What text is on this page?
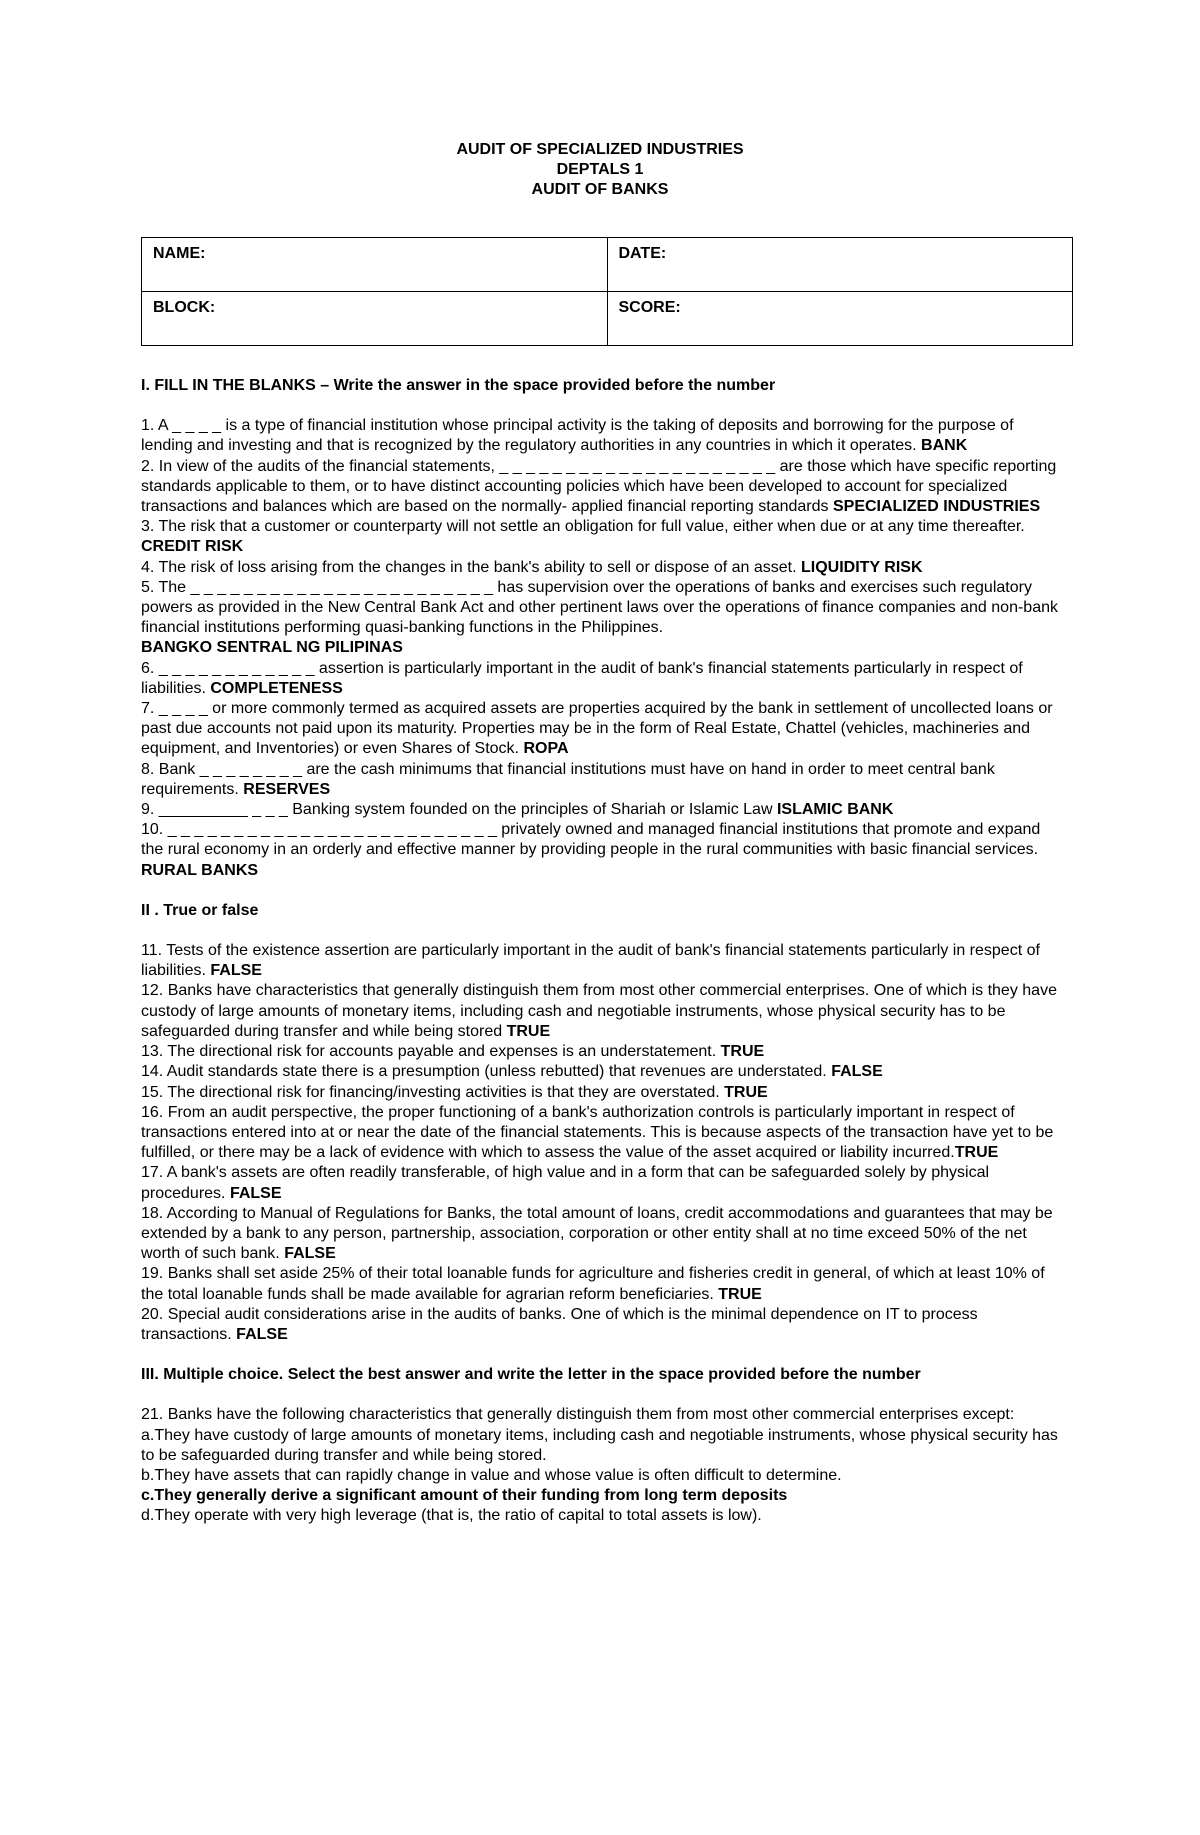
AUDIT OF SPECIALIZED INDUSTRIES
DEPTALS 1
AUDIT OF BANKS
NAME:	DATE:
BLOCK:	SCORE:
I. FILL IN THE BLANKS – Write the answer in the space provided before the number

1. A _ _ _ _ is a type of financial institution whose principal activity is the taking of deposits and borrowing for the purpose of lending and investing and that is recognized by the regulatory authorities in any countries in which it operates. BANK

2. In view of the audits of the financial statements, _ _ _ _ _ _ _ _ _ _ _ _ _ _ _ _ _ _ _ _ _ are those which have specific reporting standards applicable to them, or to have distinct accounting policies which have been developed to account for specialized transactions and balances which are based on the normally- applied financial reporting standards SPECIALIZED INDUSTRIES

3. The risk that a customer or counterparty will not settle an obligation for full value, either when due or at any time thereafter. CREDIT RISK

4. The risk of loss arising from the changes in the bank's ability to sell or dispose of an asset. LIQUIDITY RISK

5. The _ _ _ _ _ _ _ _ _ _ _ _ _ _ _ _ _ _ _ _ _ _ _ has supervision over the operations of banks and exercises such regulatory powers as provided in the New Central Bank Act and other pertinent laws over the operations of finance companies and non-bank financial institutions performing quasi-banking functions in the Philippines.
BANGKO SENTRAL NG PILIPINAS

6. _ _ _ _ _ _ _ _ _ _ _ _ assertion is particularly important in the audit of bank's financial statements particularly in respect of liabilities. COMPLETENESS

7. _ _ _ _ or more commonly termed as acquired assets are properties acquired by the bank in settlement of uncollected loans or past due accounts not paid upon its maturity. Properties may be in the form of Real Estate, Chattel (vehicles, machineries and equipment, and Inventories) or even Shares of Stock. ROPA

8. Bank _ _ _ _ _ _ _ _ are the cash minimums that financial institutions must have on hand in order to meet central bank requirements. RESERVES

9. __________ _ _ _ Banking system founded on the principles of Shariah or Islamic Law ISLAMIC BANK

10. _ _ _ _ _ _ _ _ _ _ _ _ _ _ _ _ _ _ _ _ _ _ _ _ _ privately owned and managed financial institutions that promote and expand the rural economy in an orderly and effective manner by providing people in the rural communities with basic financial services. RURAL BANKS

II . True or false

11. Tests of the existence assertion are particularly important in the audit of bank's financial statements particularly in respect of liabilities. FALSE

12. Banks have characteristics that generally distinguish them from most other commercial enterprises. One of which is they have custody of large amounts of monetary items, including cash and negotiable instruments, whose physical security has to be safeguarded during transfer and while being stored TRUE

13. The directional risk for accounts payable and expenses is an understatement. TRUE

14. Audit standards state there is a presumption (unless rebutted) that revenues are understated. FALSE

15. The directional risk for financing/investing activities is that they are overstated. TRUE

16. From an audit perspective, the proper functioning of a bank's authorization controls is particularly important in respect of transactions entered into at or near the date of the financial statements. This is because aspects of the transaction have yet to be fulfilled, or there may be a lack of evidence with which to assess the value of the asset acquired or liability incurred.TRUE

17. A bank's assets are often readily transferable, of high value and in a form that can be safeguarded solely by physical procedures. FALSE

18. According to Manual of Regulations for Banks, the total amount of loans, credit accommodations and guarantees that may be extended by a bank to any person, partnership, association, corporation or other entity shall at no time exceed 50% of the net worth of such bank. FALSE

19. Banks shall set aside 25% of their total loanable funds for agriculture and fisheries credit in general, of which at least 10% of the total loanable funds shall be made available for agrarian reform beneficiaries. TRUE

20. Special audit considerations arise in the audits of banks. One of which is the minimal dependence on IT to process transactions. FALSE

III. Multiple choice. Select the best answer and write the letter in the space provided before the number

21. Banks have the following characteristics that generally distinguish them from most other commercial enterprises except:

a.They have custody of large amounts of monetary items, including cash and negotiable instruments, whose physical security has to be safeguarded during transfer and while being stored.

b.They have assets that can rapidly change in value and whose value is often difficult to determine.

c.They generally derive a significant amount of their funding from long term deposits

d.They operate with very high leverage (that is, the ratio of capital to total assets is low).
